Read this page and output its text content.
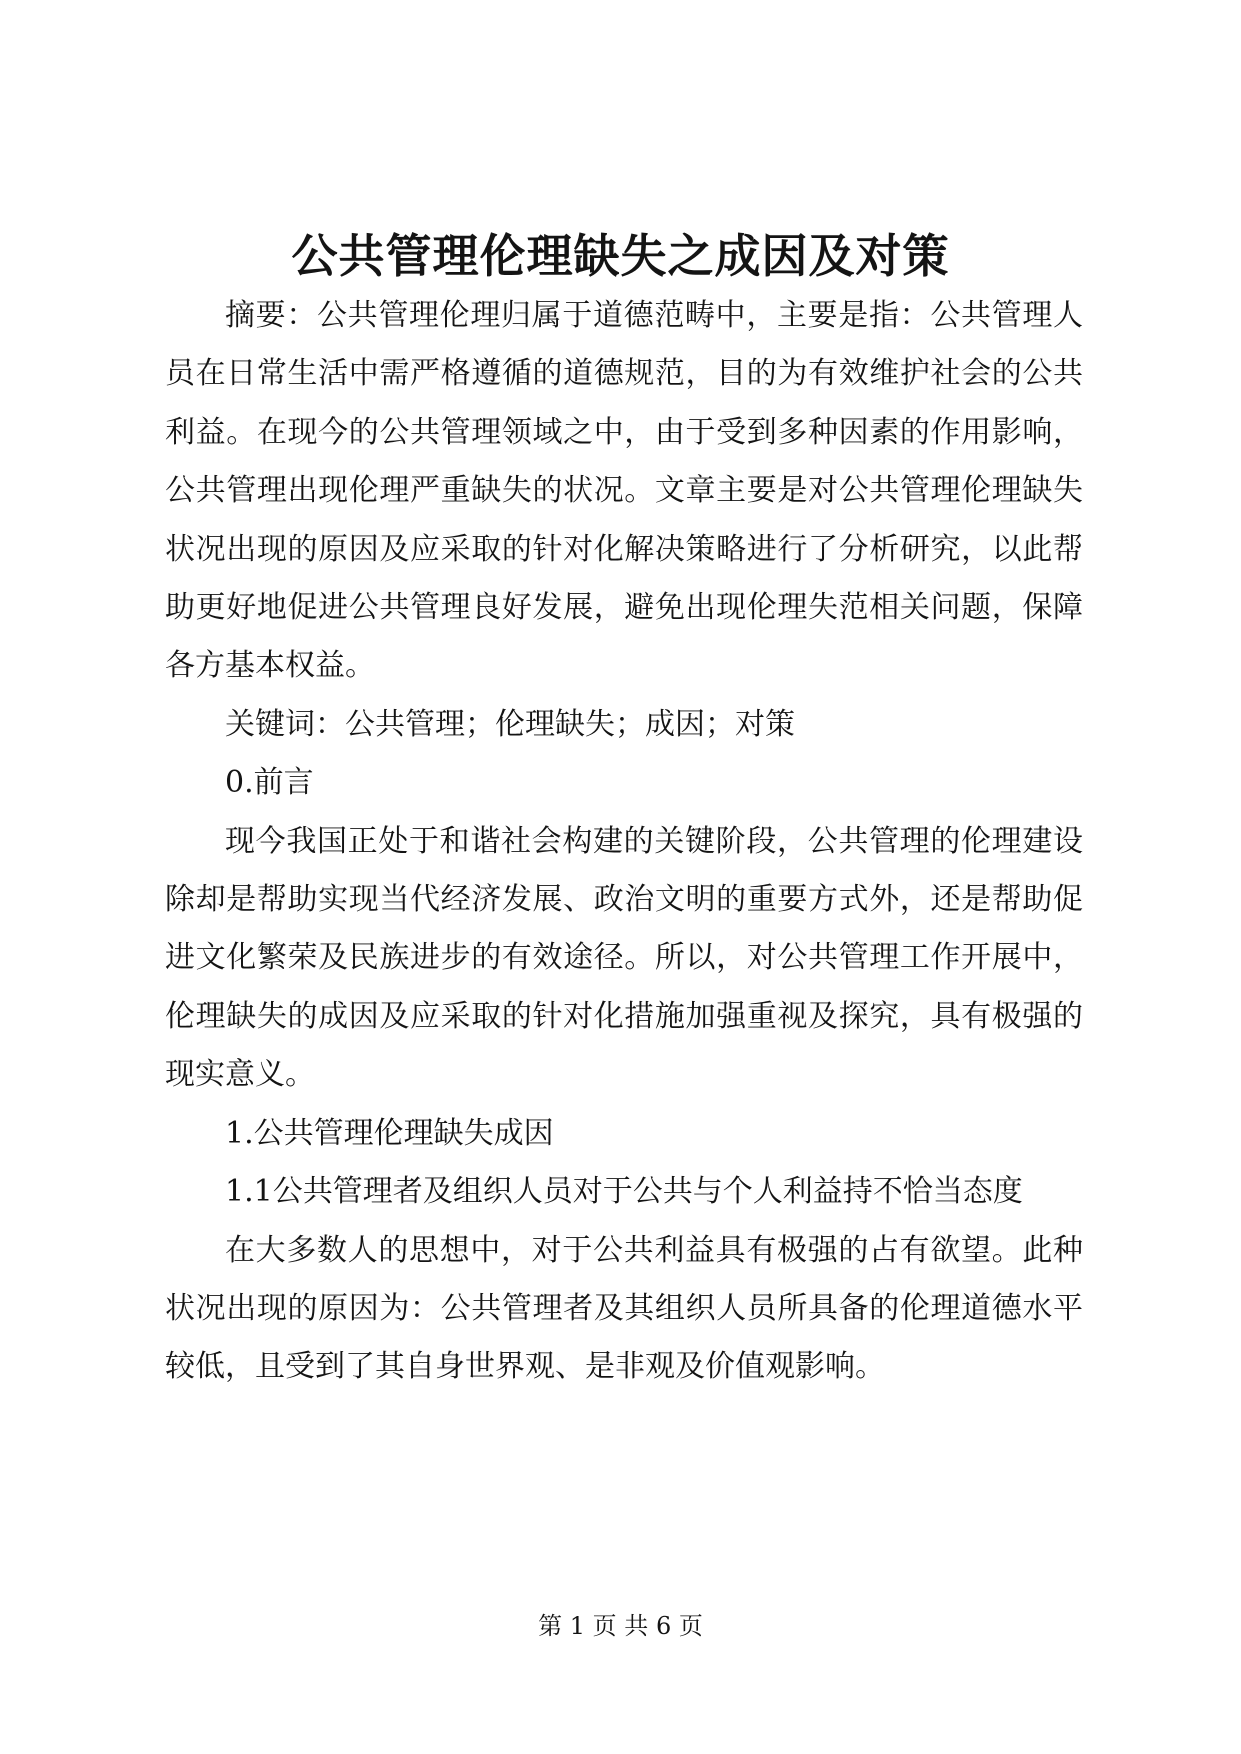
公共管理伦理缺失之成因及对策

摘要：公共管理伦理归属于道德范畴中，主要是指：公共管理人员在日常生活中需严格遵循的道德规范，目的为有效维护社会的公共利益。在现今的公共管理领域之中，由于受到多种因素的作用影响，公共管理出现伦理严重缺失的状况。文章主要是对公共管理伦理缺失状况出现的原因及应采取的针对化解决策略进行了分析研究，以此帮助更好地促进公共管理良好发展，避免出现伦理失范相关问题，保障各方基本权益。

关键词：公共管理；伦理缺失；成因；对策

0.前言

现今我国正处于和谐社会构建的关键阶段，公共管理的伦理建设除却是帮助实现当代经济发展、政治文明的重要方式外，还是帮助促进文化繁荣及民族进步的有效途径。所以，对公共管理工作开展中，伦理缺失的成因及应采取的针对化措施加强重视及探究，具有极强的现实意义。

1.公共管理伦理缺失成因

1.1公共管理者及组织人员对于公共与个人利益持不恰当态度

在大多数人的思想中，对于公共利益具有极强的占有欲望。此种状况出现的原因为：公共管理者及其组织人员所具备的伦理道德水平较低，且受到了其自身世界观、是非观及价值观影响。

第 1 页 共 6 页
